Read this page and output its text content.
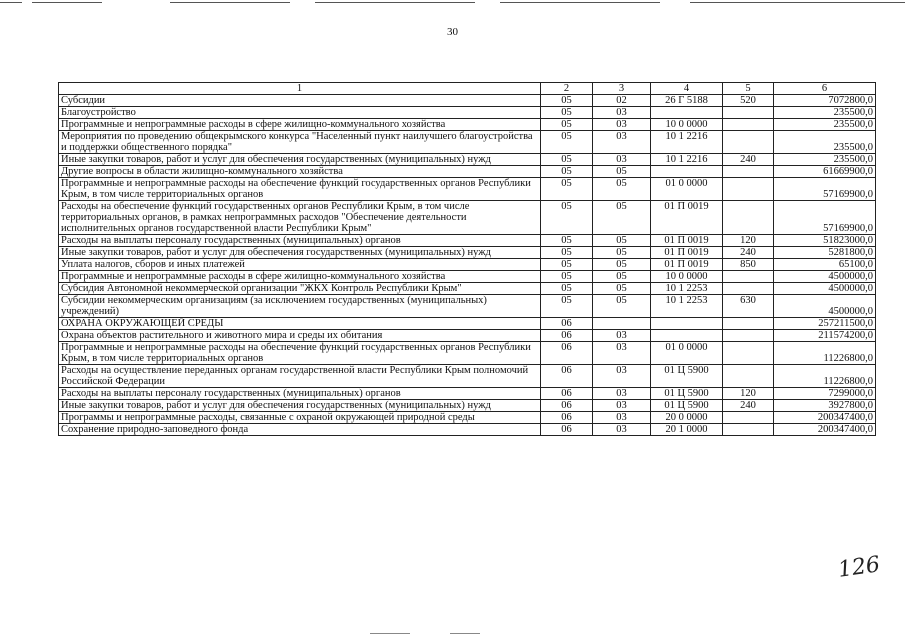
30
1	2	3	4	5	6
Субсидии	05	02	26 Г 5188	520	7072800,0
Благоустройство	05	03			235500,0
Программные и непрограммные расходы в сфере жилищно-коммунального хозяйства	05	03	10 0 0000		235500,0
Мероприятия по проведению общекрымского конкурса "Населенный пункт наилучшего благоустройства и поддержки общественного порядка"	05	03	10 1 2216		235500,0
Иные закупки товаров, работ и услуг для обеспечения государственных (муниципальных) нужд	05	03	10 1 2216	240	235500,0
Другие вопросы в области жилищно-коммунального хозяйства	05	05			61669900,0
Программные и непрограммные расходы на обеспечение функций государственных органов Республики Крым, в том числе территориальных органов	05	05	01 0 0000		57169900,0
Расходы на обеспечение функций государственных органов Республики Крым, в том числе территориальных органов, в рамках непрограммных расходов "Обеспечение деятельности исполнительных органов государственной власти Республики Крым"	05	05	01 П 0019		57169900,0
Расходы на выплаты персоналу государственных (муниципальных) органов	05	05	01 П 0019	120	51823000,0
Иные закупки товаров, работ и услуг для обеспечения государственных (муниципальных) нужд	05	05	01 П 0019	240	5281800,0
Уплата налогов, сборов и иных платежей	05	05	01 П 0019	850	65100,0
Программные и непрограммные расходы в сфере жилищно-коммунального хозяйства	05	05	10 0 0000		4500000,0
Субсидия Автономной некоммерческой организации "ЖКХ Контроль Республики Крым"	05	05	10 1 2253		4500000,0
Субсидии некоммерческим организациям (за исключением государственных (муниципальных) учреждений)	05	05	10 1 2253	630	4500000,0
ОХРАНА ОКРУЖАЮЩЕЙ СРЕДЫ	06				257211500,0
Охрана объектов растительного и животного мира и среды их обитания	06	03			211574200,0
Программные и непрограммные расходы на обеспечение функций государственных органов Республики Крым, в том числе территориальных органов	06	03	01 0 0000		11226800,0
Расходы на осуществление переданных органам государственной власти Республики Крым полномочий Российской Федерации	06	03	01 Ц 5900		11226800,0
Расходы на выплаты персоналу государственных (муниципальных) органов	06	03	01 Ц 5900	120	7299000,0
Иные закупки товаров, работ и услуг для обеспечения государственных (муниципальных) нужд	06	03	01 Ц 5900	240	3927800,0
Программы и непрограммные расходы, связанные с охраной окружающей природной среды	06	03	20 0 0000		200347400,0
Сохранение природно-заповедного фонда	06	03	20 1 0000		200347400,0
126
